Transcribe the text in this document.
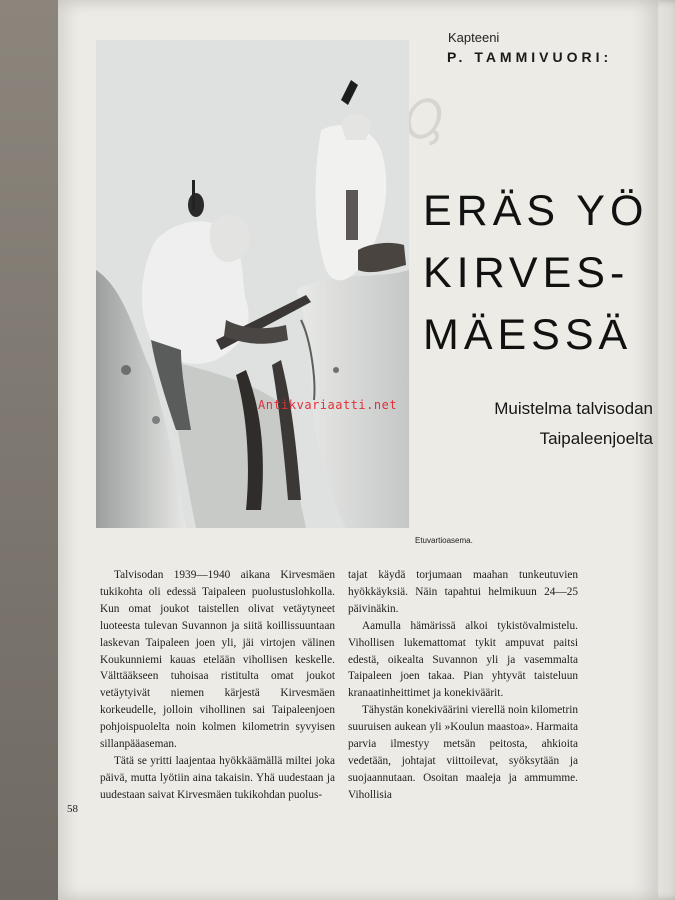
Kapteeni
P. TAMMIVUORI:
ERÄS YÖ
KIRVES-
MÄESSÄ
Muistelma talvisodan
Taipaleenjoelta
Antikvariaatti.net
Etuvartioasema.

Talvisodan 1939—1940 aikana Kirvesmäen tukikohta oli edessä Taipaleen puolustuslohkolla. Kun omat joukot taistellen olivat vetäytyneet luoteesta tulevan Suvannon ja siitä koillissuuntaan laskevan Taipaleen joen yli, jäi virtojen välinen Koukunniemi kauas etelään vihollisen keskelle. Välttääkseen tuhoisaa ristitulta omat joukot vetäytyivät niemen kärjestä Kirvesmäen korkeudelle, jolloin vihollinen sai Taipaleenjoen pohjoispuolelta noin kolmen kilometrin syvyisen sillanpääaseman.

Tätä se yritti laajentaa hyökkäämällä miltei joka päivä, mutta lyötiin aina takaisin. Yhä uudestaan ja uudestaan saivat Kirvesmäen tukikohdan puolus-

tajat käydä torjumaan maahan tunkeutuvien hyökkäyksiä. Näin tapahtui helmikuun 24—25 päivinäkin.

Aamulla hämärissä alkoi tykistövalmistelu. Vihollisen lukemattomat tykit ampuvat paitsi edestä, oikealta Suvannon yli ja vasemmalta Taipaleen joen takaa. Pian yhtyvät taisteluun kranaatinheittimet ja konekiväärit.

Tähystän konekiväärini vierellä noin kilometrin suuruisen aukean yli »Koulun maastoa». Harmaita parvia ilmestyy metsän peitosta, ahkioita vedetään, johtajat viittoilevat, syöksytään ja suojaannutaan. Osoitan maaleja ja ammumme. Vihollisia

58
